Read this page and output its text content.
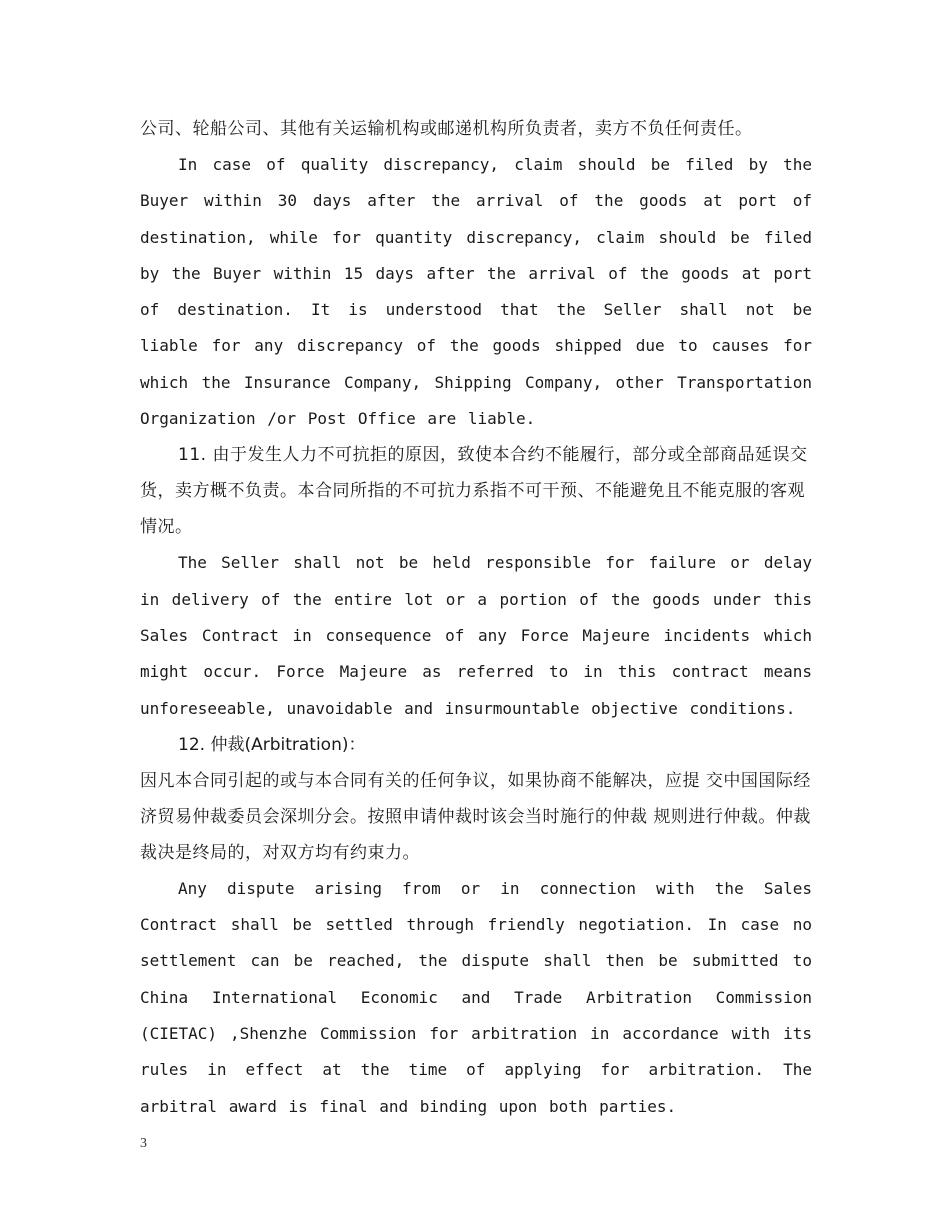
公司、轮船公司、其他有关运输机构或邮递机构所负责者，卖方不负任何责任。

In case of quality discrepancy, claim should be filed by the Buyer within 30 days after the arrival of the goods at port of destination, while for quantity discrepancy, claim should be filed by the Buyer within 15 days after the arrival of the goods at port of destination. It is understood that the Seller shall not be liable for any discrepancy of the goods shipped due to causes for which the Insurance Company, Shipping Company, other Transportation Organization /or Post Office are liable.

11. 由于发生人力不可抗拒的原因，致使本合约不能履行，部分或全部商品延误交货，卖方概不负责。本合同所指的不可抗力系指不可干预、不能避免且不能克服的客观情况。

The Seller shall not be held responsible for failure or delay in delivery of the entire lot or a portion of the goods under this Sales Contract in consequence of any Force Majeure incidents which might occur. Force Majeure as referred to in this contract means unforeseeable, unavoidable and insurmountable objective conditions.

12. 仲裁(Arbitration)：

因凡本合同引起的或与本合同有关的任何争议，如果协商不能解决，应提 交中国国际经济贸易仲裁委员会深圳分会。按照申请仲裁时该会当时施行的仲裁 规则进行仲裁。仲裁裁决是终局的，对双方均有约束力。

Any dispute arising from or in connection with the Sales Contract shall be settled through friendly negotiation. In case no settlement can be reached, the dispute shall then be submitted to China International Economic and Trade Arbitration Commission (CIETAC) ,Shenzhe Commission for arbitration in accordance with its rules in effect at the time of applying for arbitration. The arbitral award is final and binding upon both parties.

3
